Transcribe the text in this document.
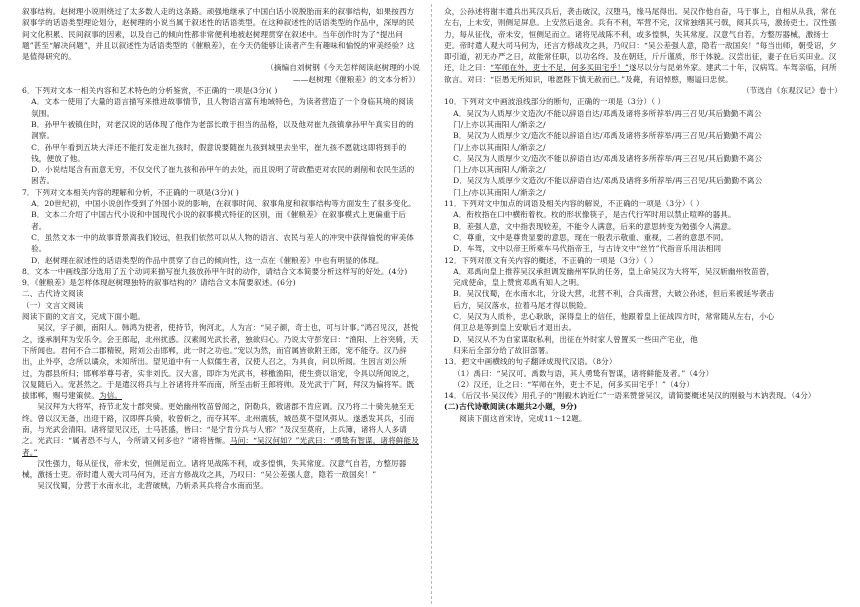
叙事结构。赵树理小说则绕过了太多数人走的这条路。顽强地继承了中国白话小说脱胎而来的叙事结构，如果按西方叙事学的话语类型理论划分，赵树理的小说当属于叙述性的话语类型。在这种叙述性的话语类型的作品中，深厚的民间文化积累、民间叙事的因素，以及自己的倾向性都非常便利地被赵树理贯穿在叙述中。当年创作时为了“提出问题”甚至“解决问题”，并且以叙述性为话语类型的《催粮差》，在今天仍能够让读者产生有趣味和愉悦的审美经验？这是值得研究的。

（摘编自刘树钢《今天怎样阅读赵树理的小说

——赵树理《催粮差》的文本分析》）

6．下列对文本一相关内容和艺术特色的分析鉴赏，不正确的一项是(3分)( )

A．文本一使用了大量的语言描写来推进故事情节，且人物语言富有地域特色，为读者营造了一个身临其境的阅读氛围。

B．孙甲午被镇住时，对老汉说的话体现了他作为老部长敢于担当的品格，以及他对崔九孩镇拿孙甲午真实目的的洞察。

C．孙甲午看到五块大洋还不能打发走崔九孩时，假意说要随崔九孩到城里去坐牢，崔九孩不愿就这即将到手的钱，便放了他。

D．小说结尾含有而意无穷，不仅交代了崔九孩和孙甲午的去处，而且说明了苛政酷吏对农民的剥削和农民生活的困苦。

7．下列对文本相关内容的理解和分析，不正确的一项是(3分)( )

A．20世纪初，中国小说创作受到了外国小说的影响，在叙事时间、叙事角度和叙事结构等方面发生了很多变化。

B．文本二介绍了中国古代小说和中国现代小说的叙事模式特征的区别，而《催粮差》在叙事模式上更偏重于后者。

C．虽然文本一中的故事背景离我们较远，但我们依然可以从人物的语言、农民与差人的冲突中获得愉悦的审美体验。

D．赵树理在叙述性的话语类型的作品中贯穿了自己的倾向性，这一点在《催粮差》中也有明显的体现。

8．文本一中画线部分选用了五个动词来描写崔九孩放孙甲午时的动作，请结合文本简要分析这样写的好处。(4分)

9．《催粮差》是怎样体现赵树理独特的叙事结构的？请结合文本简要叙述。(6分)

二、古代诗文阅读

（一）文言文阅读

阅读下面的文言文，完成下面小题。

吴汉，字子颜，南阳人。韩鸿为使者，使持节，徇河北，人为言：“吴子颜，奇士也，可与计事。”鸿召见汉，甚悦之，遂承制拜为安乐令。会王郎起，北州扰惑。汉素闻光武长者，独欲归心。乃说太守彭宠曰：“渔阳、上谷突骑，天下所闻也。君何不合二郡精锐，附刘公击邯郸，此一时之功也。”宠以为然，而官属皆欲附王郎，宠不能夺。汉乃辞出，止外亭，念所以谲众，未知所出。望见道中有一人似儒生者，汉使人召之，为具食，问以所闻。生因言刘公所过，为郡县所归；邯郸举尊号者，实非刘氏。汉大喜，即诈为光武书，移檄渔阳，使生赍以诣宠，令具以所闻说之，汉复随后入。宠甚然之。于是遣汉将兵与上谷诸将并军而南，所至击斩王郎将帅。及光武于广阿，拜汉为偏将军。既拔邯郸，赐号建策侯。为信。

吴汉拜为大将军，持节北发十郡突骑。更始幽州牧苗曾闻之，阴勒兵，敕诸郡不肯应调。汉乃将二十骑先驰至无终。曾以汉无备，出迎于路，汉即挥兵骑，收曾斩之，而夺其军。北州震骇，城邑莫不望风弭从。遂悉发其兵，引而南，与光武会清阳。诸将望见汉还，士马甚盛，皆曰：“是宁肯分兵与人邪？”及汉至莫府，上兵簿，诸将人人多请之。光武曰：“属者恐不与人，今所请又何多也？”诸将皆惭。马问：“吴汉何如？”光武曰：“勇鸷有智谋，诸将鲜能及者。”

汉性强力，每从征伐，帝未安，恒侧足而立。诸将见战陈不利，或多惶惧，失其常度。汉意气自若，方整厉器械，激扬士吏。帝时遣人观大司马何为，还言方修战攻之具，乃叹曰：“吴公差强人意，隐若一敌国矣！”

吴汉伐蜀，分营于水南水北，北营破贼，乃斩杀其兵将合水南而坚。

众，公孙述将谢丰遣兵出其汉兵后，袭击破汉，汉堕马，缘马尾得出。吴汉作他自奋，马于事上，自相从从我，常在左右，上未安，则侧足屏息。上安然后退舍。兵有不利，军营不完，汉常独缮其弓戟，阅其兵马，激扬吏士。汉性强力，每从征伐，帝未安，恒侧足而立。诸将见战陈不利，或多惶惧，失其常度。汉意气自若，方整厉器械，激扬士吏。帝时遣人观大司马何为，还言方修战攻之具，乃叹曰：“吴公差强人意，隐若一敌国矣！”每当出师，朝受诏，夕即引道，初无办严之日，故能常任职，以功名终。及在朝廷，斤斤谨质，形于体貌。汉尝出征，妻子在后买田业。汉还，让之曰：“军师在外，吏士不足，何多买田宅乎！”遂尽以分与昆弟外家。建武二十年，汉病笃。车驾亲临，问所欲言。对曰：“臣愚无所知识，唯愿陛下慎无赦而已。”及薨，有诏悼愍，赐谥曰忠侯。

（节选自《东观汉记》卷十）

10．下列对文中画波浪线部分的断句，正确的一项是（3分）（ ）

A．吴汉为人质厚少文造次/不能以辞语自达/邓禹及诸将多所荐举/再三召见/其后勤勤不离公

门/上亦以其南阳人/渐亲之/

B．吴汉为人质厚少文/造次不能以辞语自达/邓禹及诸将多所荐举/再三召见/其后勤勤不离公

门/上亦以其南阳人/渐亲之/

C．吴汉为人质厚少文/造次不能以辞语自达/邓禹及诸将多所荐举/再三召见/其后勤勤不离公

门上/亦以其南阳人/渐亲之/

D．吴汉为人质厚少文造次/不能以辞语自达/邓禹及诸将多所荐举/再三召见/其后勤勤不离公

门上/亦以其南阳人/渐亲之/

11．下列对文中加点的词语及相关内容的解说，不正确的一项是（3分）（ ）

A．衔枚指在口中横衔着枚。枚的形状像筷子，是古代行军时用以禁止喧哗的器具。

B．差强人意，文中指表现较差，不能令人满意，后来的意思转变为勉强令人满意。

C．尊重，文中是尊贵显要的意思，现在一般表示敬重、重视，二者的意思不同。

D．车驾，文中以帝王所乘车马代指帝王，与古诗文中“丝竹”代指音乐用法相同

12．下列对原文有关内容的概述，不正确的一项是（3分）（ ）

A．邓禹向皇上推荐吴汉承担调发幽州军队的任务，皇上命吴汉为大将军，吴汉斩幽州牧苗曾，

完成使命，皇上赞赏邓禹有知人之明。

B．吴汉伐蜀，在水南水北，分设大营，北营不利，合兵南营，大破公孙述，但后来被延岑袭击

后方，吴汉落水，拉着马尾才得以脱险。

C．吴汉为人质朴，忠心耿耿，深得皇上的信任，他跟着皇上征战四方时，常常随从左右，小心

伺卫总是等到皇上安歇后才退出去。

D．吴汉从不为自家谋取私利，出征在外时家人曾置买一些田产宅业，他

归来后全部分给了故旧部署。

13．把文中画横线的句子翻译成现代汉语。（8分）

（1）禹曰：“吴汉可。禹数与语，其人勇鸷有智谋，诸将鲜能及者。”（4分）

（2）汉还，让之曰：“军师在外，吏士不足，何多买田宅乎！”（4分）

14．《后汉书·吴汉传》用孔子的“刚毅木讷近仁”一语来赞誉吴汉，请简要概述吴汉的刚毅与木讷表现。（4分）

(二)古代诗歌阅读(本题共2小题，9分)

阅读下面这首宋诗，完成11～12题。
